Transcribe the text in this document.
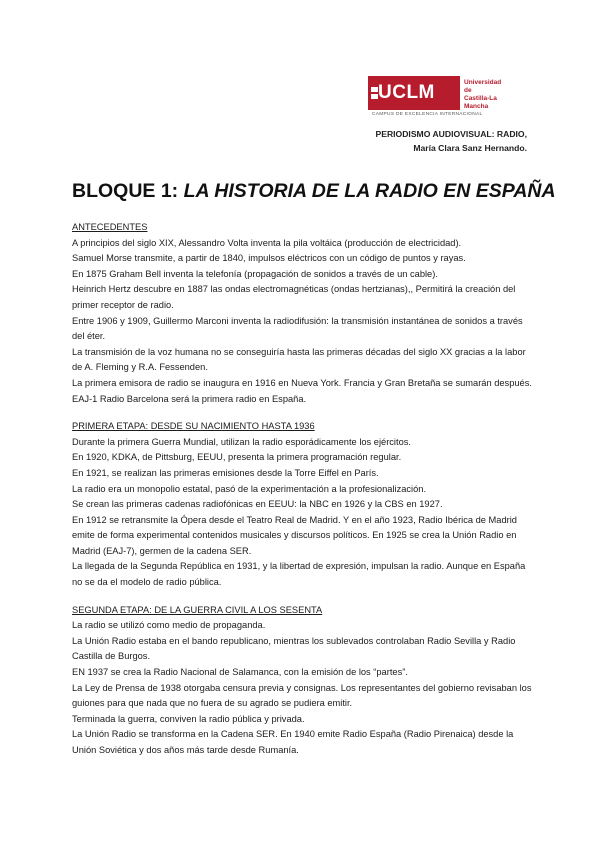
UCLM	Universidad de
Castilla-La Mancha
CAMPUS DE EXCELENCIA INTERNACIONAL
PERIODISMO AUDIOVISUAL: RADIO,
María Clara Sanz Hernando.
BLOQUE 1: LA HISTORIA DE LA RADIO EN ESPAÑA
ANTECEDENTES

A principios del siglo XIX, Alessandro Volta inventa la pila voltáica (producción de electricidad).

Samuel Morse transmite, a partir de 1840, impulsos eléctricos con un código de puntos y rayas.

En 1875 Graham Bell inventa la telefonía (propagación de sonidos a través de un cable).

Heinrich Hertz descubre en 1887 las ondas electromagnéticas (ondas hertzianas),, Permitirá la creación del primer receptor de radio.

Entre 1906 y 1909, Guillermo Marconi inventa la radiodifusión: la transmisión instantánea de sonidos a través del éter.

La transmisión de la voz humana no se conseguiría hasta las primeras décadas del siglo XX gracias a la labor de A. Fleming y R.A. Fessenden.

La primera emisora de radio se inaugura en 1916 en Nueva York. Francia y Gran Bretaña se sumarán después.

EAJ-1 Radio Barcelona será la primera radio en España.

PRIMERA ETAPA: DESDE SU NACIMIENTO HASTA 1936

Durante la primera Guerra Mundial, utilizan la radio esporádicamente los ejércitos.

En 1920, KDKA, de Pittsburg, EEUU, presenta la primera programación regular.

En 1921, se realizan las primeras emisiones desde la Torre Eiffel en París.

La radio era un monopolio estatal, pasó de la experimentación a la profesionalización.

Se crean las primeras cadenas radiofónicas en EEUU: la NBC en 1926 y la CBS en 1927.

En 1912 se retransmite la Ópera desde el Teatro Real de Madrid. Y en el año 1923, Radio Ibérica de Madrid emite de forma experimental contenidos musicales y discursos políticos. En 1925 se crea la Unión Radio en Madrid (EAJ-7), germen de la cadena SER.

La llegada de la Segunda República en 1931, y la libertad de expresión, impulsan la radio. Aunque en España no se da el modelo de radio pública.

SEGUNDA ETAPA: DE LA GUERRA CIVIL A LOS SESENTA

La radio se utilizó como medio de propaganda.

La Unión Radio estaba en el bando republicano, mientras los sublevados controlaban Radio Sevilla y Radio Castilla de Burgos.

EN 1937 se crea la Radio Nacional de Salamanca, con la emisión de los “partes”.

La Ley de Prensa de 1938 otorgaba censura previa y consignas. Los representantes del gobierno revisaban los guiones para que nada que no fuera de su agrado se pudiera emitir.

Terminada la guerra, conviven la radio pública y privada.

La Unión Radio se transforma en la Cadena SER. En 1940 emite Radio España (Radio Pirenaica) desde la Unión Soviética y dos años más tarde desde Rumanía.
